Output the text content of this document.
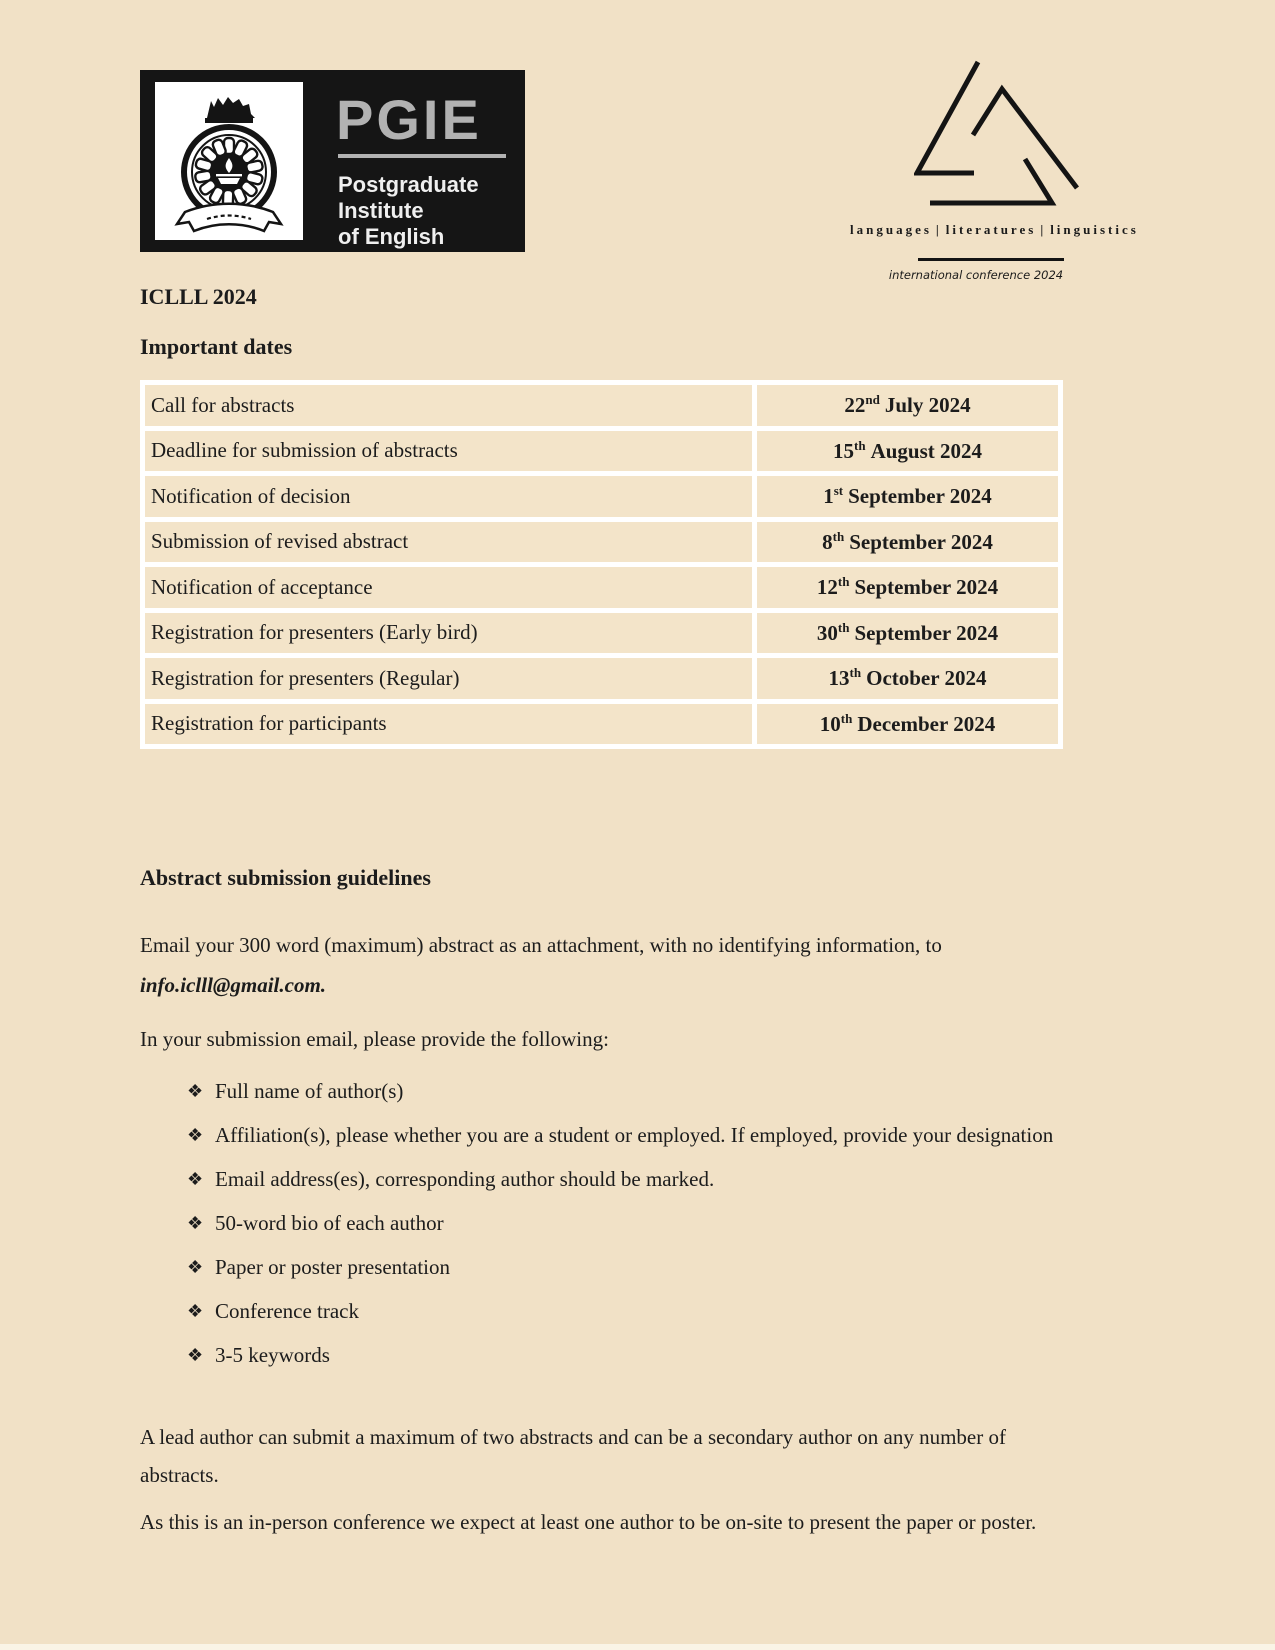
PGIE
Postgraduate Institute
of English	languages | literatures | linguistics
international conference 2024
ICLLL 2024
Important dates
Call for abstracts	22nd July 2024
Deadline for submission of abstracts	15th August 2024
Notification of decision	1st September 2024
Submission of revised abstract	8th September 2024
Notification of acceptance	12th September 2024
Registration for presenters (Early bird)	30th September 2024
Registration for presenters (Regular)	13th October 2024
Registration for participants	10th December 2024
Abstract submission guidelines
Email your 300 word (maximum) abstract as an attachment, with no identifying information, to
info.iclll@gmail.com.
In your submission email, please provide the following:
❖ Full name of author(s)
❖ Affiliation(s), please whether you are a student or employed. If employed, provide your designation
❖ Email address(es), corresponding author should be marked.
❖ 50-word bio of each author
❖ Paper or poster presentation
❖ Conference track
❖ 3-5 keywords
A lead author can submit a maximum of two abstracts and can be a secondary author on any number of abstracts.
As this is an in-person conference we expect at least one author to be on-site to present the paper or poster.
